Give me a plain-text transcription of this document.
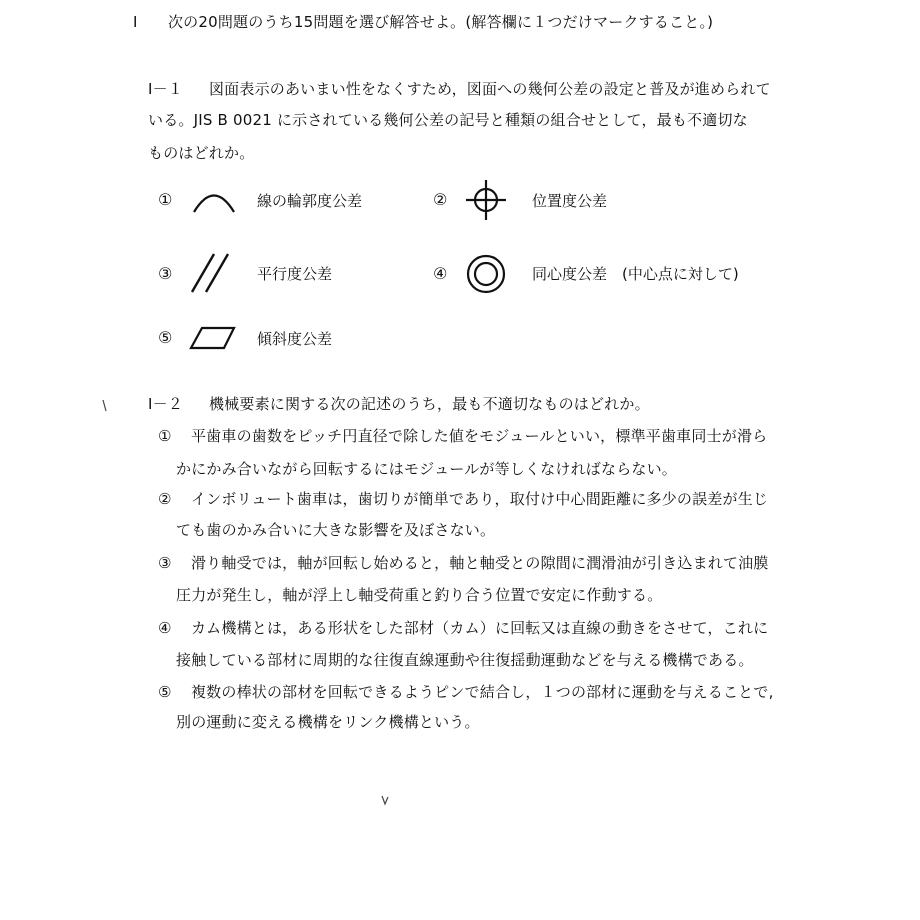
I 次の20問題のうち15問題を選び解答せよ。(解答欄に１つだけマークすること。)
I－１ 図面表示のあいまい性をなくすため，図面への幾何公差の設定と普及が進められて
いる。JIS B 0021 に示されている幾何公差の記号と種類の組合せとして，最も不適切な
ものはどれか。
①	線の輪郭度公差	②	位置度公差
③	平行度公差	④	同心度公差　(中心点に対して)
⑤	傾斜度公差
I－２ 機械要素に関する次の記述のうち，最も不適切なものはどれか。
① 平歯車の歯数をピッチ円直径で除した値をモジュールといい，標準平歯車同士が滑ら
かにかみ合いながら回転するにはモジュールが等しくなければならない。
② インボリュート歯車は，歯切りが簡単であり，取付け中心間距離に多少の誤差が生じ
ても歯のかみ合いに大きな影響を及ぼさない。
③ 滑り軸受では，軸が回転し始めると，軸と軸受との隙間に潤滑油が引き込まれて油膜
圧力が発生し，軸が浮上し軸受荷重と釣り合う位置で安定に作動する。
④ カム機構とは，ある形状をした部材（カム）に回転又は直線の動きをさせて，これに
接触している部材に周期的な往復直線運動や往復揺動運動などを与える機構である。
⑤ 複数の棒状の部材を回転できるようピンで結合し，１つの部材に運動を与えることで,
別の運動に変える機構をリンク機構という。
